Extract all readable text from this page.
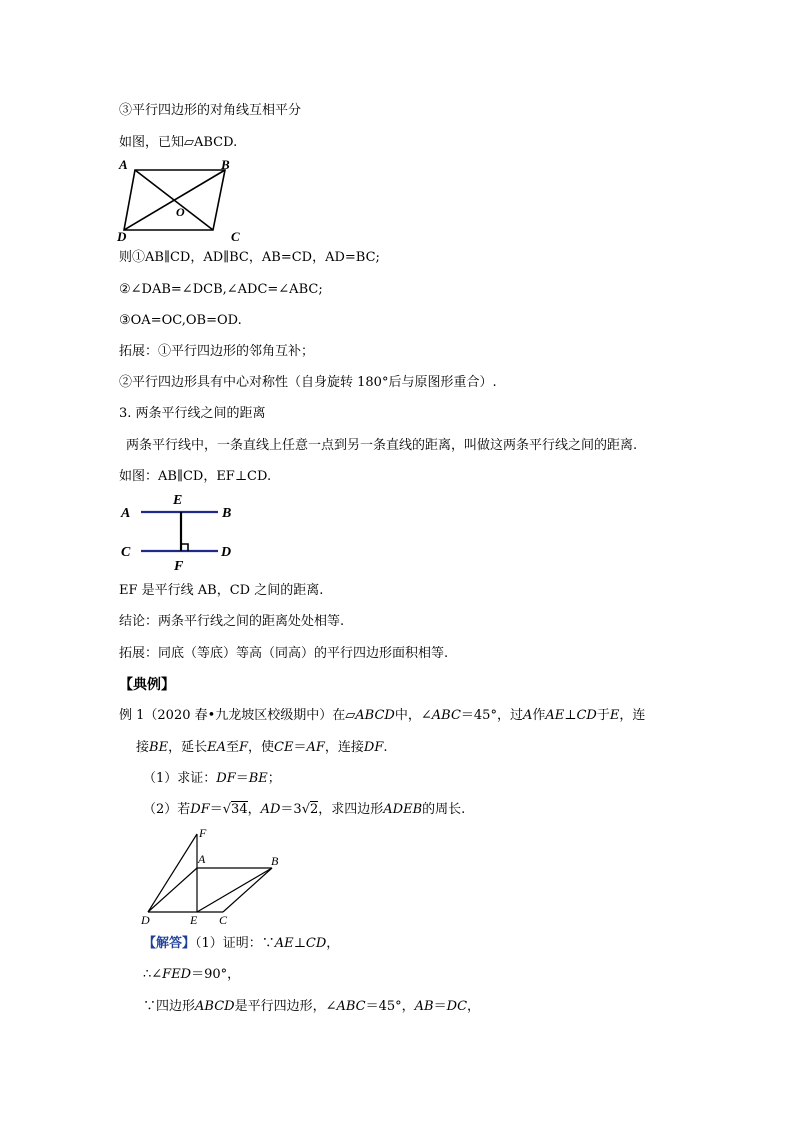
③平行四边形的对角线互相平分
如图，已知▱ABCD.
A	B
O
D	C
则①AB∥CD，AD∥BC，AB=CD，AD=BC;
②∠DAB=∠DCB,∠ADC=∠ABC;
③OA=OC,OB=OD.
拓展：①平行四边形的邻角互补；
②平行四边形具有中心对称性（自身旋转 180°后与原图形重合）.
3. 两条平行线之间的距离
两条平行线中，一条直线上任意一点到另一条直线的距离，叫做这两条平行线之间的距离.
如图：AB∥CD，EF⊥CD.
E
A	B
C	D
F
EF 是平行线 AB，CD 之间的距离.
结论：两条平行线之间的距离处处相等.
拓展：同底（等底）等高（同高）的平行四边形面积相等.
【典例】
例 1（2020 春•九龙坡区校级期中）在▱ABCD中，∠ABC＝45°，过A作AE⊥CD于E，连
接BE，延长EA至F，使CE＝AF，连接DF.
（1）求证：DF＝BE；
（2）若DF＝√34，AD＝3√2，求四边形ADEB的周长.
F
A	B
D	E C
【解答】（1）证明：∵AE⊥CD，
∴∠FED＝90°，
∵四边形ABCD是平行四边形，∠ABC＝45°，AB＝DC，
